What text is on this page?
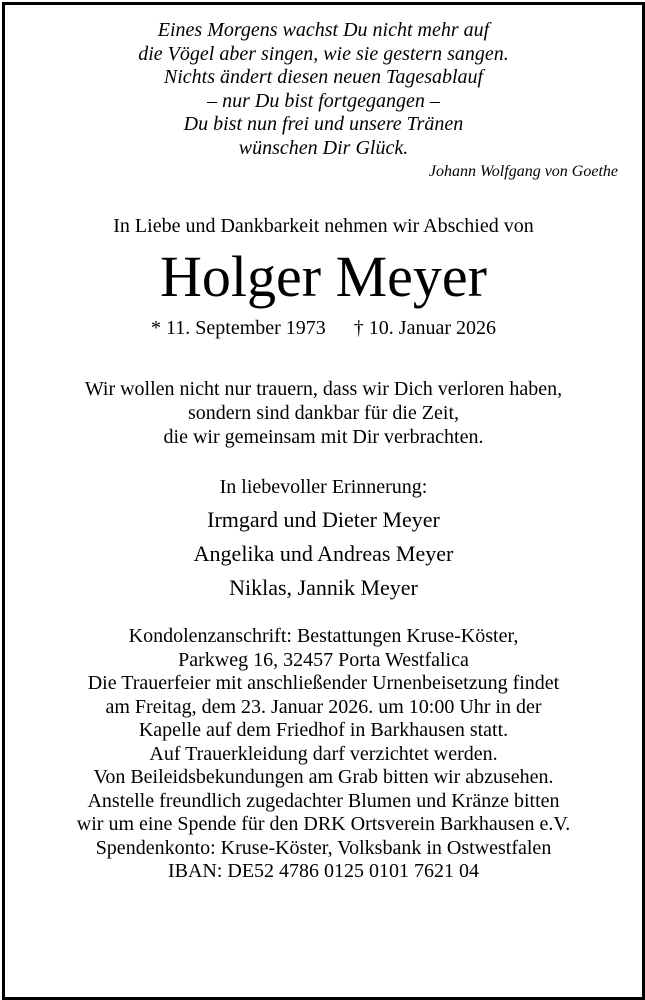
Eines Morgens wachst Du nicht mehr auf
die Vögel aber singen, wie sie gestern sangen.
Nichts ändert diesen neuen Tagesablauf
– nur Du bist fortgegangen –
Du bist nun frei und unsere Tränen
wünschen Dir Glück.
Johann Wolfgang von Goethe
In Liebe und Dankbarkeit nehmen wir Abschied von
Holger Meyer
* 11. September 1973 † 10. Januar 2026
Wir wollen nicht nur trauern, dass wir Dich verloren haben,
sondern sind dankbar für die Zeit,
die wir gemeinsam mit Dir verbrachten.
In liebevoller Erinnerung:
Irmgard und Dieter Meyer
Angelika und Andreas Meyer
Niklas, Jannik Meyer
Kondolenzanschrift: Bestattungen Kruse-Köster,
Parkweg 16, 32457 Porta Westfalica
Die Trauerfeier mit anschließender Urnenbeisetzung findet
am Freitag, dem 23. Januar 2026. um 10:00 Uhr in der
Kapelle auf dem Friedhof in Barkhausen statt.
Auf Trauerkleidung darf verzichtet werden.
Von Beileidsbekundungen am Grab bitten wir abzusehen.
Anstelle freundlich zugedachter Blumen und Kränze bitten
wir um eine Spende für den DRK Ortsverein Barkhausen e.V.
Spendenkonto: Kruse-Köster, Volksbank in Ostwestfalen
IBAN: DE52 4786 0125 0101 7621 04
